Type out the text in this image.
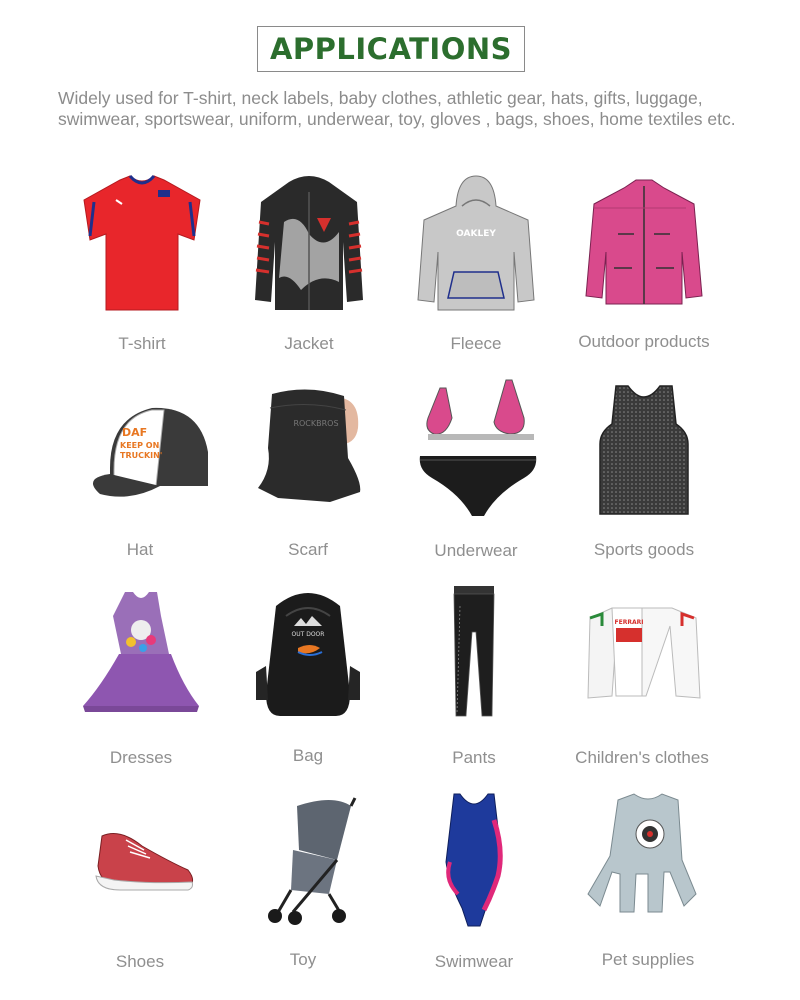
APPLICATIONS
Widely used for T-shirt, neck labels, baby clothes, athletic gear, hats, gifts, luggage, swimwear, sportswear, uniform, underwear, toy, gloves , bags, shoes, home textiles etc.
T-shirt	Jacket
OAKLEY
Fleece	Outdoor products
DAF
KEEP ON
TRUCKIN'
Hat
ROCKBROS
Scarf	Underwear	Sports goods
Dresses
OUT DOOR
Bag	Pants
FERRARI
Children's clothes
Shoes	Toy	Swimwear	Pet supplies
